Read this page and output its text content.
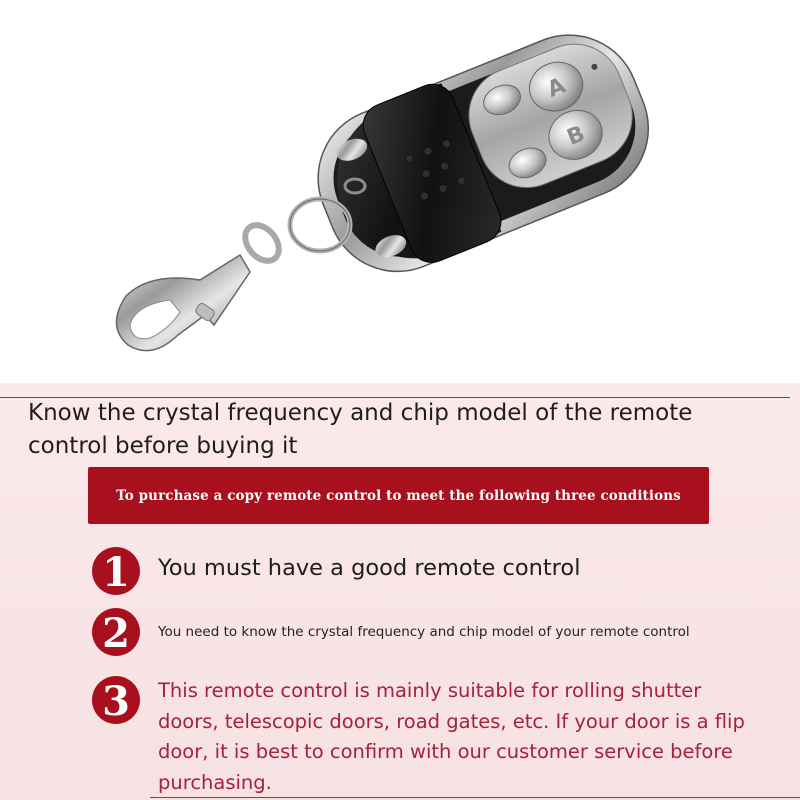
A
B
Know the crystal frequency and chip model of the remote control before buying it
To purchase a copy remote control to meet the following three conditions
1 You must have a good remote control

2 You need to know the crystal frequency and chip model of your remote control

3 This remote control is mainly suitable for rolling shutter doors, telescopic doors, road gates, etc. If your door is a flip door, it is best to confirm with our customer service before purchasing.
